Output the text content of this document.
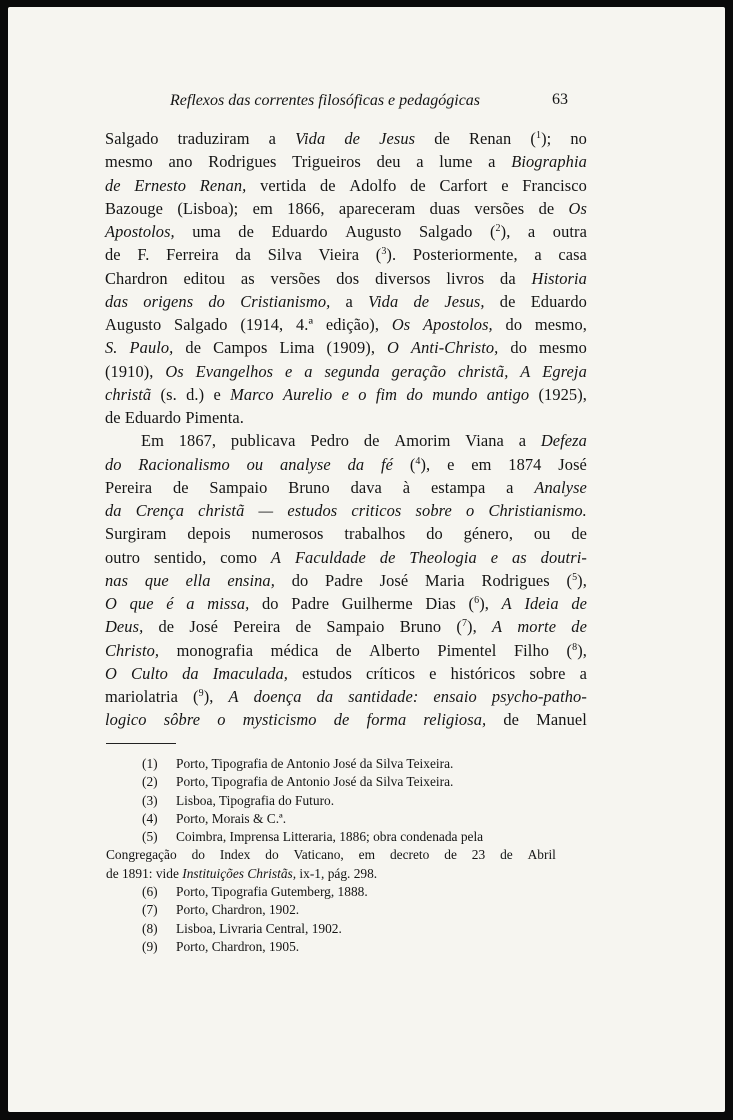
Reflexos das correntes filosóficas e pedagógicas	63
Salgado traduziram a Vida de Jesus de Renan ($^1$); no
mesmo ano Rodrigues Trigueiros deu a lume a Biographia
de Ernesto Renan, vertida de Adolfo de Carfort e Francisco
Bazouge (Lisboa); em 1866, apareceram duas versões de Os
Apostolos, uma de Eduardo Augusto Salgado ($^2$), a outra
de F. Ferreira da Silva Vieira ($^3$). Posteriormente, a casa
Chardron editou as versões dos diversos livros da Historia
das origens do Cristianismo, a Vida de Jesus, de Eduardo
Augusto Salgado (1914, 4.ª edição), Os Apostolos, do mesmo,
S. Paulo, de Campos Lima (1909), O Anti-Christo, do mesmo
(1910), Os Evangelhos e a segunda geração christã, A Egreja
christã (s. d.) e Marco Aurelio e o fim do mundo antigo (1925),
de
Eduardo
Pimenta.

Em 1867, publicava Pedro de Amorim Viana a Defeza
do Racionalismo ou analyse da fé ($^4$), e em 1874 José
Pereira de Sampaio Bruno dava à estampa a Analyse
da Crença christã — estudos criticos sobre o Christianismo.
Surgiram depois numerosos trabalhos do género, ou de
outro sentido, como A Faculdade de Theologia e as doutri-
nas que ella ensina, do Padre José Maria Rodrigues ($^5$),
O que é a missa, do Padre Guilherme Dias ($^6$), A Ideia de
Deus, de José Pereira de Sampaio Bruno ($^7$), A morte de
Christo, monografia médica de Alberto Pimentel Filho ($^8$),
O Culto da Imaculada, estudos críticos e históricos sobre a
mariolatria ($^9$), A doença da santidade: ensaio psycho-patho-
logico sôbre o mysticismo de forma religiosa, de Manuel
(1) Porto, Tipografia de Antonio José da Silva Teixeira.
(2) Porto, Tipografia de Antonio José da Silva Teixeira.
(3) Lisboa, Tipografia do Futuro.
(4) Porto, Morais & C.ª.
(5) Coimbra, Imprensa Litteraria, 1886; obra condenada pela
Congregação do Index do Vaticano, em decreto de 23 de Abril
de 1891: vide Instituições Christãs, ix-1, pág. 298.
(6) Porto, Tipografia Gutemberg, 1888.
(7) Porto, Chardron, 1902.
(8) Lisboa, Livraria Central, 1902.
(9) Porto, Chardron, 1905.
